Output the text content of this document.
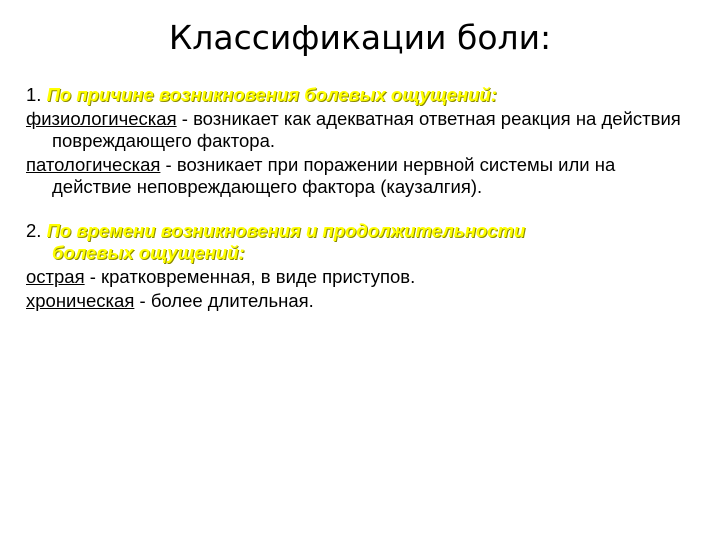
Классификации боли:
1. По причине возникновения болевых ощущений:
физиологическая - возникает как адекватная ответная реакция на действия повреждающего фактора.
патологическая - возникает при поражении нервной системы или на действие неповреждающего фактора (каузалгия).
2. По времени возникновения и продолжительности
болевых ощущений:
острая - кратковременная, в виде приступов.
хроническая - более длительная.
